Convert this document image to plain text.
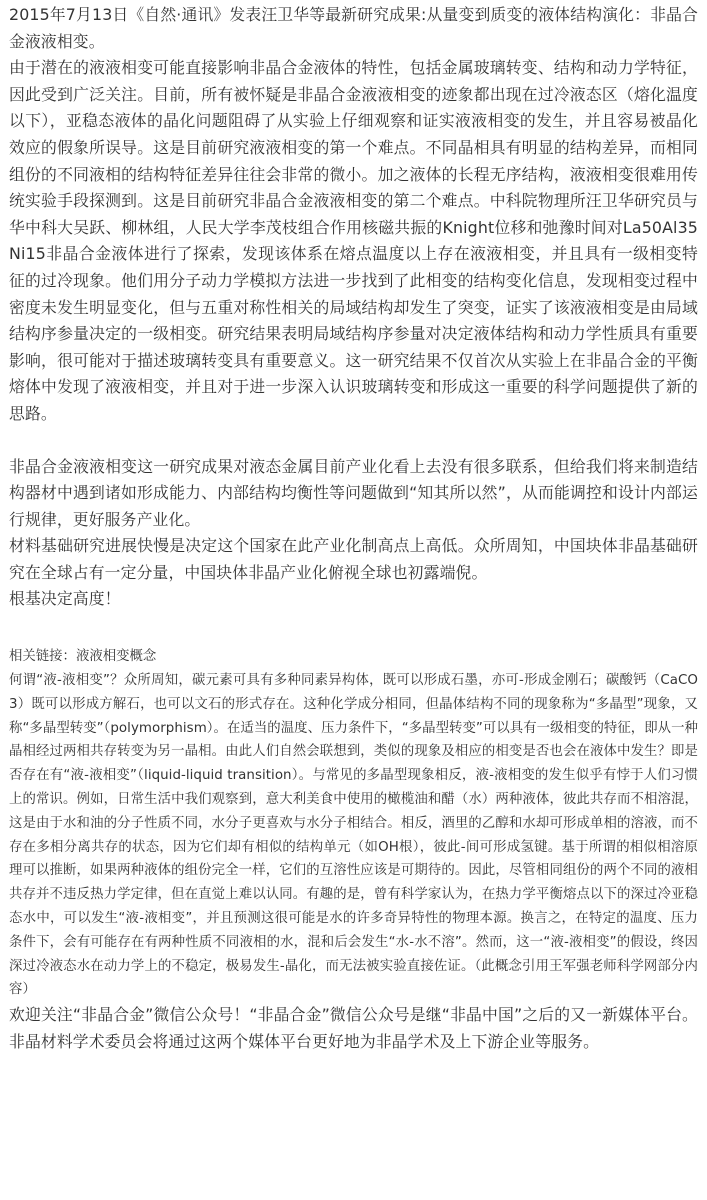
2015年7月13日《自然·通讯》发表汪卫华等最新研究成果:从量变到质变的液体结构演化：非晶合金液液相变。

由于潜在的液液相变可能直接影响非晶合金液体的特性，包括金属玻璃转变、结构和动力学特征，因此受到广泛关注。目前，所有被怀疑是非晶合金液液相变的迹象都出现在过冷液态区（熔化温度以下），亚稳态液体的晶化问题阻碍了从实验上仔细观察和证实液液相变的发生，并且容易被晶化效应的假象所误导。这是目前研究液液相变的第一个难点。不同晶相具有明显的结构差异，而相同组份的不同液相的结构特征差异往往会非常的微小。加之液体的长程无序结构，液液相变很难用传统实验手段探测到。这是目前研究非晶合金液液相变的第二个难点。中科院物理所汪卫华研究员与华中科大吴跃、柳林组，人民大学李茂枝组合作用核磁共振的Knight位移和弛豫时间对La50Al35Ni15非晶合金液体进行了探索，发现该体系在熔点温度以上存在液液相变，并且具有一级相变特征的过冷现象。他们用分子动力学模拟方法进一步找到了此相变的结构变化信息，发现相变过程中密度未发生明显变化，但与五重对称性相关的局域结构却发生了突变，证实了该液液相变是由局域结构序参量决定的一级相变。研究结果表明局域结构序参量对决定液体结构和动力学性质具有重要影响，很可能对于描述玻璃转变具有重要意义。这一研究结果不仅首次从实验上在非晶合金的平衡熔体中发现了液液相变，并且对于进一步深入认识玻璃转变和形成这一重要的科学问题提供了新的思路。

非晶合金液液相变这一研究成果对液态金属目前产业化看上去没有很多联系，但给我们将来制造结构器材中遇到诸如形成能力、内部结构均衡性等问题做到“知其所以然”，从而能调控和设计内部运行规律，更好服务产业化。

材料基础研究进展快慢是决定这个国家在此产业化制高点上高低。众所周知，中国块体非晶基础研究在全球占有一定分量，中国块体非晶产业化俯视全球也初露端倪。

根基决定高度！

相关链接：液液相变概念

何谓“液-液相变”？众所周知，碳元素可具有多种同素异构体，既可以形成石墨，亦可-形成金刚石；碳酸钙（CaCO3）既可以形成方解石，也可以文石的形式存在。这种化学成分相同，但晶体结构不同的现象称为“多晶型”现象，又称“多晶型转变”（polymorphism）。在适当的温度、压力条件下，“多晶型转变”可以具有一级相变的特征，即从一种晶相经过两相共存转变为另一晶相。由此人们自然会联想到，类似的现象及相应的相变是否也会在液体中发生？即是否存在有“液-液相变”（liquid-liquid transition）。与常见的多晶型现象相反，液-液相变的发生似乎有悖于人们习惯上的常识。例如，日常生活中我们观察到，意大利美食中使用的橄榄油和醋（水）两种液体，彼此共存而不相溶混，这是由于水和油的分子性质不同，水分子更喜欢与水分子相结合。相反，酒里的乙醇和水却可形成单相的溶液，而不存在多相分离共存的状态，因为它们却有相似的结构单元（如OH根），彼此-间可形成氢键。基于所谓的相似相溶原理可以推断，如果两种液体的组份完全一样，它们的互溶性应该是可期待的。因此，尽管相同组份的两个不同的液相共存并不违反热力学定律，但在直觉上难以认同。有趣的是，曾有科学家认为，在热力学平衡熔点以下的深过冷亚稳态水中，可以发生“液-液相变”，并且预测这很可能是水的许多奇异特性的物理本源。换言之，在特定的温度、压力条件下，会有可能存在有两种性质不同液相的水，混和后会发生“水-水不溶”。然而，这一“液-液相变”的假设，终因深过冷液态水在动力学上的不稳定，极易发生-晶化，而无法被实验直接佐证。（此概念引用王军强老师科学网部分内容）

欢迎关注“非晶合金”微信公众号！“非晶合金”微信公众号是继“非晶中国”之后的又一新媒体平台。非晶材料学术委员会将通过这两个媒体平台更好地为非晶学术及上下游企业等服务。
